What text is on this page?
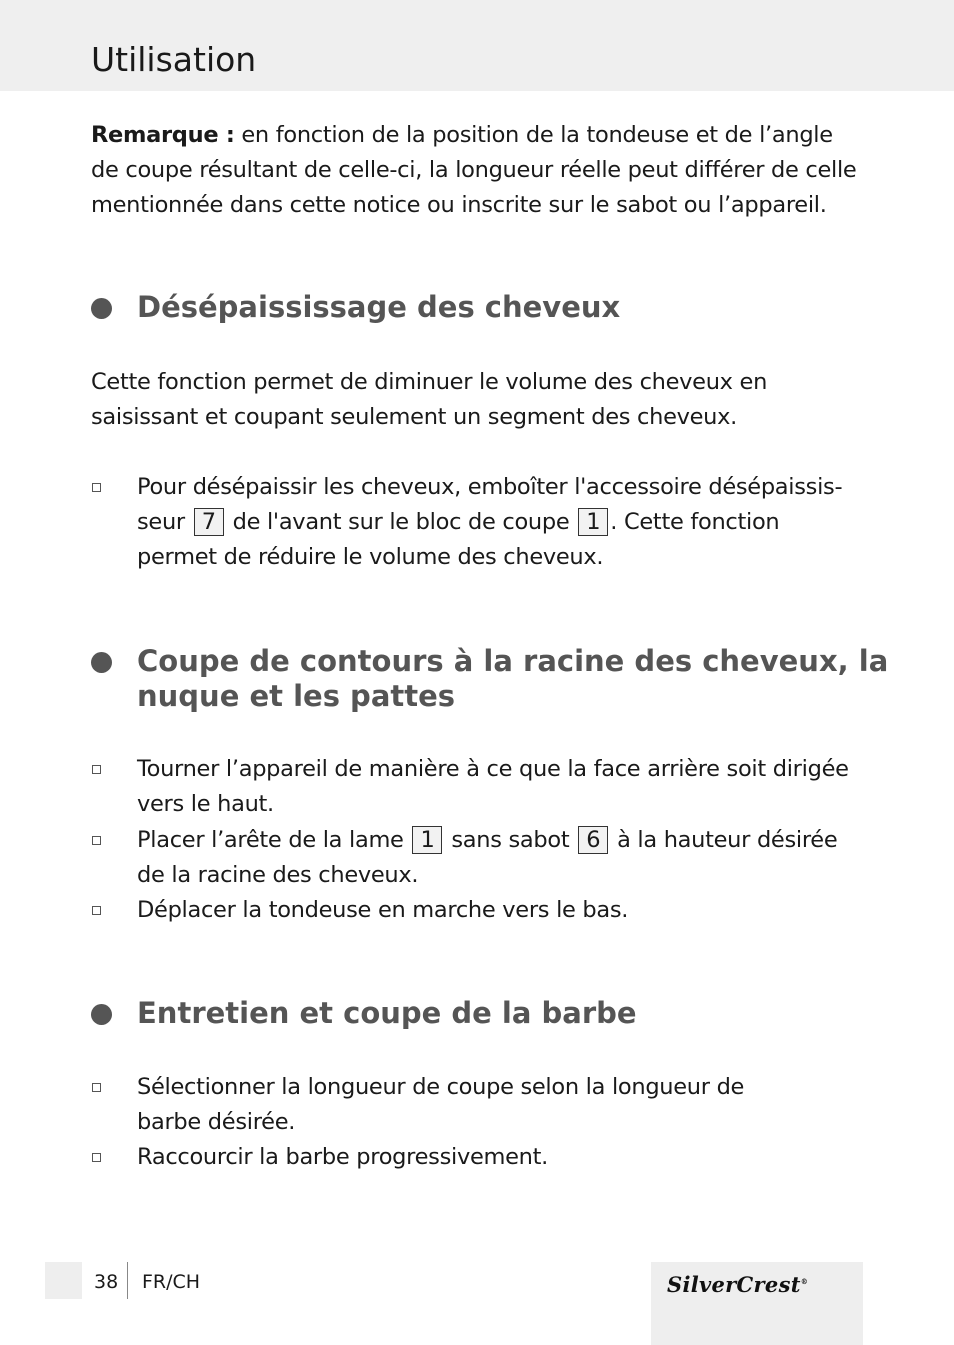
Utilisation

Remarque : en fonction de la position de la tondeuse et de l’angle de coupe résultant de celle-ci, la longueur réelle peut différer de celle mentionnée dans cette notice ou inscrite sur le sabot ou l’appareil.

Désépaississage des cheveux

Cette fonction permet de diminuer le volume des cheveux en saisissant et coupant seulement un segment des cheveux.

Pour désépaissir les cheveux, emboîter l'accessoire désépaissis- seur 7 de l'avant sur le bloc de coupe 1 . Cette fonction permet de réduire le volume des cheveux.
Coupe de contours à la racine des cheveux, la nuque et les pattes
Tourner l’appareil de manière à ce que la face arrière soit dirigée vers le haut.
Placer l’arête de la lame 1 sans sabot 6 à la hauteur désirée de la racine des cheveux.
Déplacer la tondeuse en marche vers le bas.
Entretien et coupe de la barbe
Sélectionner la longueur de coupe selon la longueur de barbe désirée.
Raccourcir la barbe progressivement.
38 FR/CH	SilverCrest®
